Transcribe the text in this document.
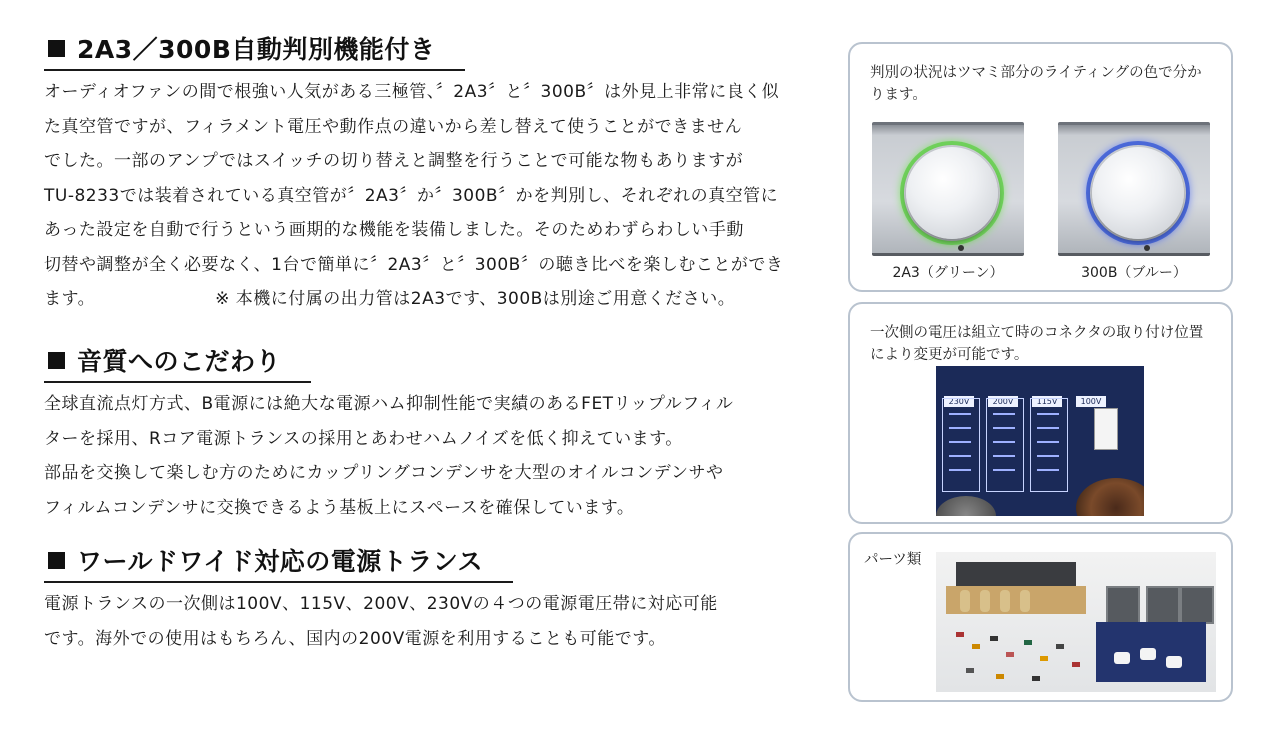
2A3／300B自動判別機能付き
オーディオファンの間で根強い人気がある三極管、〞2A3〞と〞300B〞は外見上非常に良く似
た真空管ですが、フィラメント電圧や動作点の違いから差し替えて使うことができません
でした。一部のアンプではスイッチの切り替えと調整を行うことで可能な物もありますが
TU-8233では装着されている真空管が〞2A3〞か〞300B〞かを判別し、それぞれの真空管に
あった設定を自動で行うという画期的な機能を装備しました。そのためわずらわしい手動
切替や調整が全く必要なく、1台で簡単に〞2A3〞と〞300B〞の聴き比べを楽しむことができ
ます。	※ 本機に付属の出力管は2A3です、300Bは別途ご用意ください。
音質へのこだわり
全球直流点灯方式、B電源には絶大な電源ハム抑制性能で実績のあるFETリップルフィル
ターを採用、Rコア電源トランスの採用とあわせハムノイズを低く抑えています。
部品を交換して楽しむ方のためにカップリングコンデンサを大型のオイルコンデンサや
フィルムコンデンサに交換できるよう基板上にスペースを確保しています。
ワールドワイド対応の電源トランス
電源トランスの一次側は100V、115V、200V、230Vの４つの電源電圧帯に対応可能
です。海外での使用はもちろん、国内の200V電源を利用することも可能です。
判別の状況はツマミ部分のライティングの色で分かります。
2A3（グリーン）	300B（ブルー）
一次側の電圧は組立て時のコネクタの取り付け位置により変更が可能です。
230V	200V	115V	100V
パーツ類
